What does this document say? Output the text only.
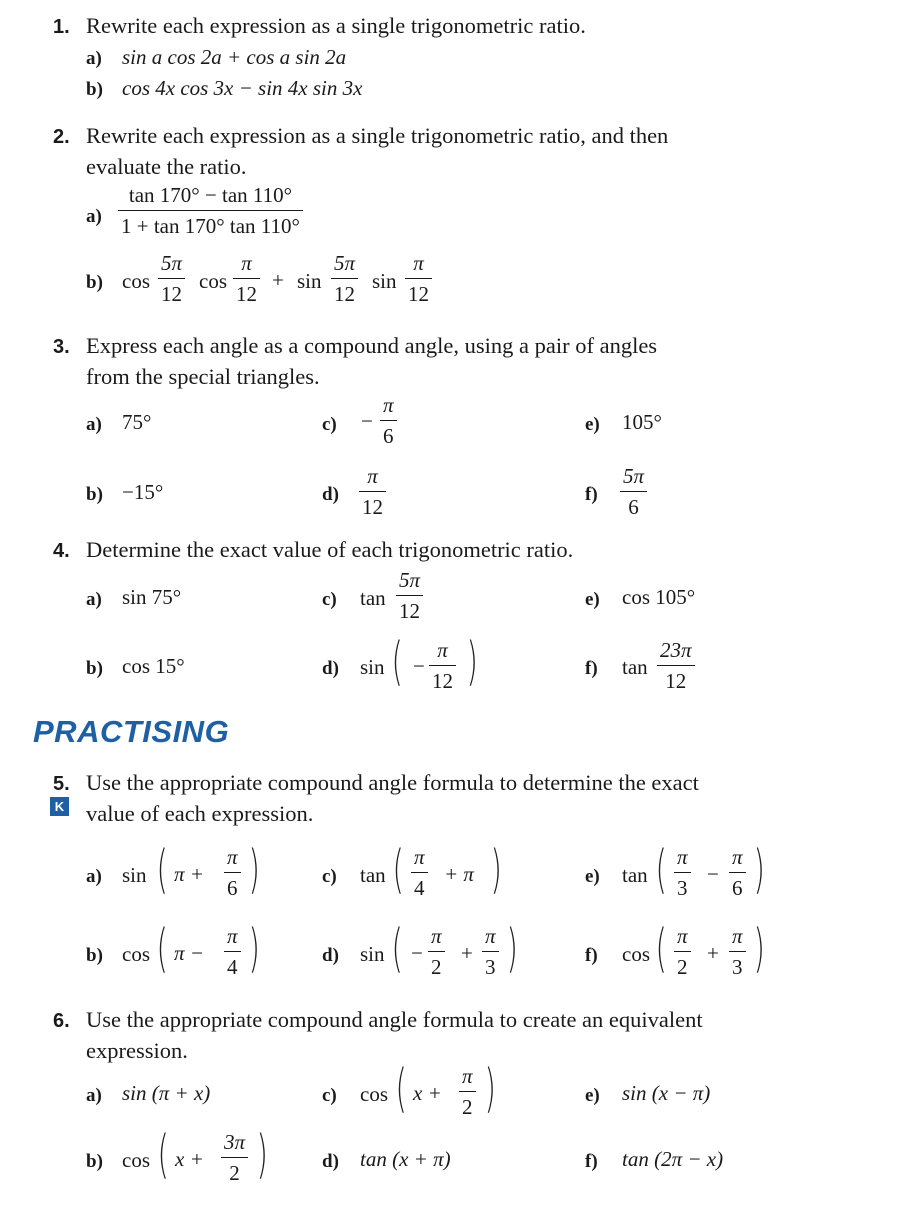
1. Rewrite each expression as a single trigonometric ratio.
a) sin a cos 2a + cos a sin 2a
b) cos 4x cos 3x − sin 4x sin 3x
2. Rewrite each expression as a single trigonometric ratio, and then
evaluate the ratio.
a)
tan 170° − tan 110°
1 + tan 170° tan 110°
b) cos
5π
12
cos
π
12
+ sin
5π
12
sin
π
12
3. Express each angle as a compound angle, using a pair of angles
from the special triangles.
a) 75°
b) −15°
c) −
π
6
d)
π
12
e) 105°
f)
5π
6
4. Determine the exact value of each trigonometric ratio.
a) sin 75°
b) cos 15°
c) tan
5π
12
d) sin ( −
π
12 )
e) cos 105°
f) tan
23π
12
PRACTISING
5.
K
Use the appropriate compound angle formula to determine the exact
value of each expression.
a) sin ( π +
π
6 )
b) cos ( π −
π
4 )
c) tan ( π
4
+ π )
d) sin ( −
π
2
+
π
3 )
e) tan ( π
3
−
π
6 )
f) cos ( π
2
+
π
3 )
6. Use the appropriate compound angle formula to create an equivalent
expression.
a) sin (π + x)
b) cos ( x +
3π
2 )
c) cos ( x +
π
2 )
d) tan (x + π)
e) sin (x − π)
f) tan (2π − x)
